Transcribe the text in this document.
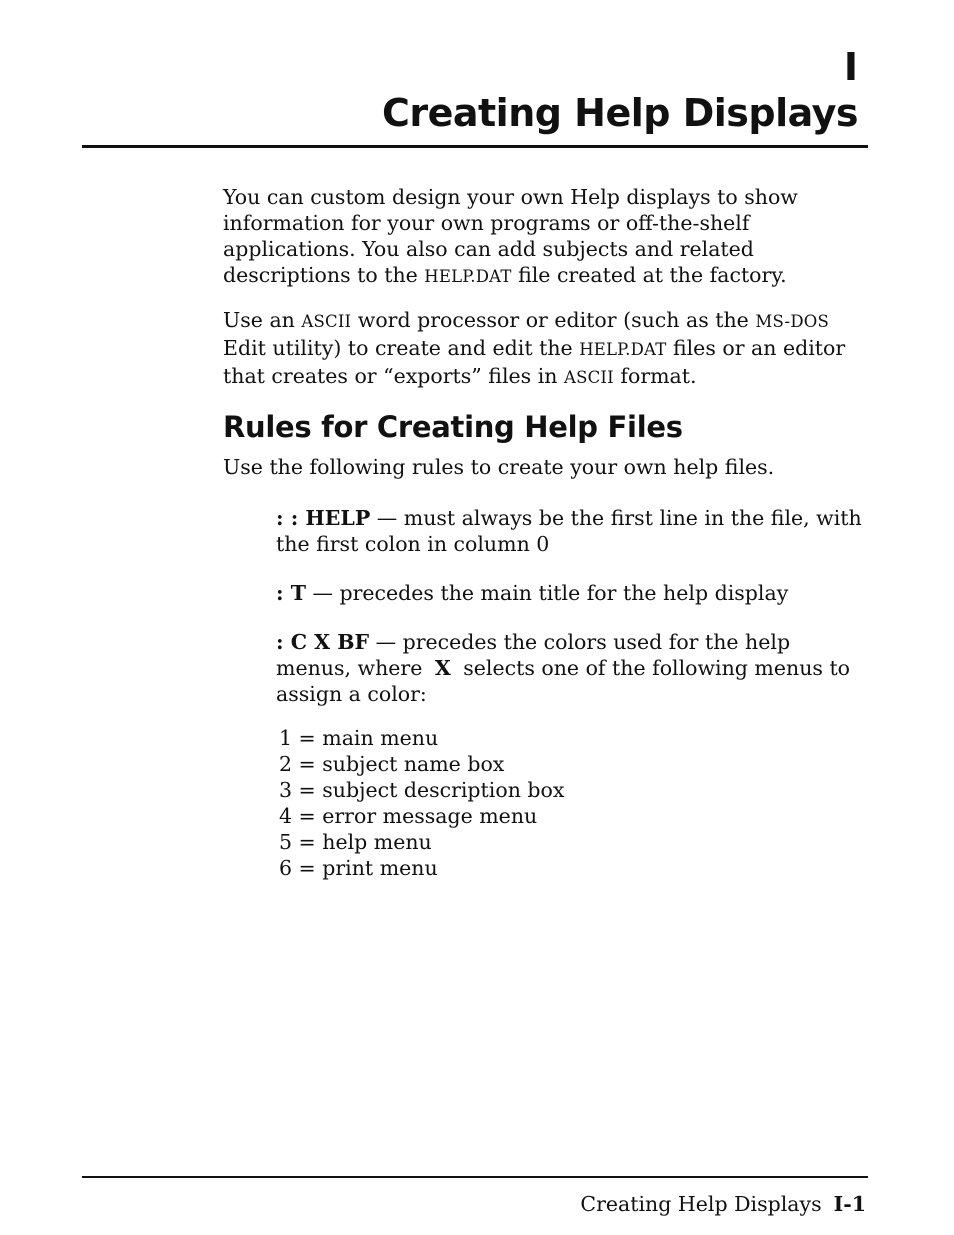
I
Creating Help Displays

You can custom design your own Help displays to show information for your own programs or off-the-shelf applications. You also can add subjects and related descriptions to the HELP.DAT file created at the factory.

Use an ASCII word processor or editor (such as the MS-DOS Edit utility) to create and edit the HELP.DAT files or an editor that creates or “exports” files in ASCII format.

Rules for Creating Help Files

Use the following rules to create your own help files.

: : HELP — must always be the first line in the file, with the first colon in column 0

: T — precedes the main title for the help display

: C X BF — precedes the colors used for the help menus, where X selects one of the following menus to assign a color:

1 = main menu
2 = subject name box
3 = subject description box
4 = error message menu
5 = help menu
6 = print menu
Creating Help Displays I-1
